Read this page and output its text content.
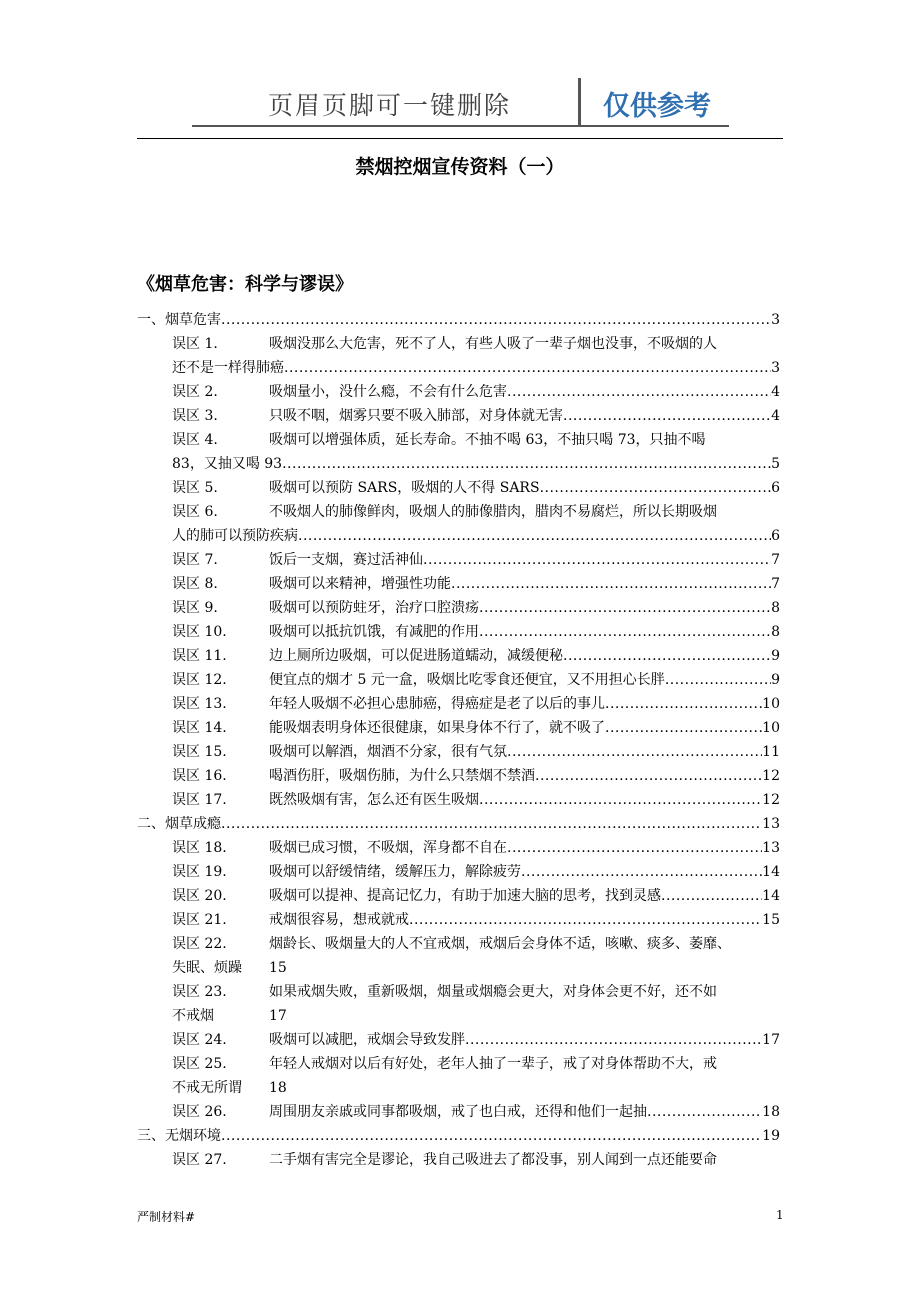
页眉页脚可一键删除	仅供参考
禁烟控烟宣传资料（一）
《烟草危害：科学与谬误》
一、烟草危害 .....	3
误区 1.	吸烟没那么大危害，死不了人，有些人吸了一辈子烟也没事，不吸烟的人
还不是一样得肺癌 .....	3
误区 2.	吸烟量小，没什么瘾，不会有什么危害 .....	4
误区 3.	只吸不咽，烟雾只要不吸入肺部，对身体就无害 .....	4
误区 4.	吸烟可以增强体质，延长寿命。不抽不喝 63，不抽只喝 73，只抽不喝
83，又抽又喝 93 .....	5
误区 5.	吸烟可以预防 SARS，吸烟的人不得 SARS .....	6
误区 6.	不吸烟人的肺像鲜肉，吸烟人的肺像腊肉，腊肉不易腐烂，所以长期吸烟
人的肺可以预防疾病 .....	6
误区 7.	饭后一支烟，赛过活神仙 .....	7
误区 8.	吸烟可以来精神，增强性功能 .....	7
误区 9.	吸烟可以预防蛀牙，治疗口腔溃疡 .....	8
误区 10.	吸烟可以抵抗饥饿，有减肥的作用 .....	8
误区 11.	边上厕所边吸烟，可以促进肠道蠕动，减缓便秘 .....	9
误区 12.	便宜点的烟才 5 元一盒，吸烟比吃零食还便宜，又不用担心长胖 .....	9
误区 13.	年轻人吸烟不必担心患肺癌，得癌症是老了以后的事儿 .....	10
误区 14.	能吸烟表明身体还很健康，如果身体不行了，就不吸了 .....	10
误区 15.	吸烟可以解酒，烟酒不分家，很有气氛 .....	11
误区 16.	喝酒伤肝，吸烟伤肺，为什么只禁烟不禁酒 .....	12
误区 17.	既然吸烟有害，怎么还有医生吸烟 .....	12
二、烟草成瘾 .....	13
误区 18.	吸烟已成习惯，不吸烟，浑身都不自在 .....	13
误区 19.	吸烟可以舒缓情绪，缓解压力，解除疲劳 .....	14
误区 20.	吸烟可以提神、提高记忆力，有助于加速大脑的思考，找到灵感 .....	14
误区 21.	戒烟很容易，想戒就戒 .....	15
误区 22.	烟龄长、吸烟量大的人不宜戒烟，戒烟后会身体不适，咳嗽、痰多、萎靡、
失眠、烦躁	15
误区 23.	如果戒烟失败，重新吸烟，烟量或烟瘾会更大，对身体会更不好，还不如
不戒烟	17
误区 24.	吸烟可以减肥，戒烟会导致发胖 .....	17
误区 25.	年轻人戒烟对以后有好处，老年人抽了一辈子，戒了对身体帮助不大，戒
不戒无所谓	18
误区 26.	周围朋友亲戚或同事都吸烟，戒了也白戒，还得和他们一起抽 .....	18
三、无烟环境 .....	19
误区 27.	二手烟有害完全是谬论，我自己吸进去了都没事，别人闻到一点还能要命
严制材料#	1
